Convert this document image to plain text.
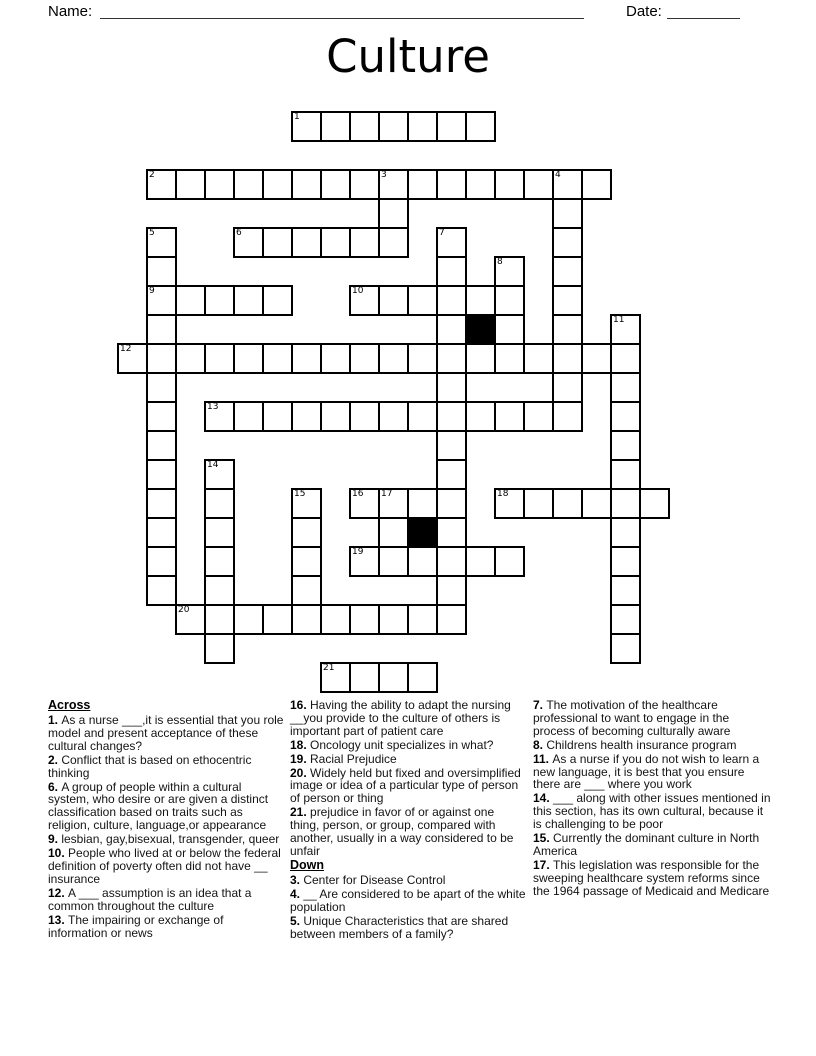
Name:	Date:
Culture
1
2	3	4
5	6	7
8
9	10
11
12
13
14
15	16 17	18
19
20
21
Across
1. As a nurse ___,it is essential that you role model and present acceptance of these cultural changes?
2. Conflict that is based on ethocentric thinking
6. A group of people within a cultural system, who desire or are given a distinct classification based on traits such as religion, culture, language,or appearance
9. lesbian, gay,bisexual, transgender, queer
10. People who lived at or below the federal definition of poverty often did not have __ insurance
12. A ___ assumption is an idea that a common throughout the culture
13. The impairing or exchange of information or news
16. Having the ability to adapt the nursing __you provide to the culture of others is important part of patient care
18. Oncology unit specializes in what?
19. Racial Prejudice
20. Widely held but fixed and oversimplified image or idea of a particular type of person of person or thing
21. prejudice in favor of or against one thing, person, or group, compared with another, usually in a way considered to be unfair
Down
3. Center for Disease Control
4. __ Are considered to be apart of the white population
5. Unique Characteristics that are shared between members of a family?
7. The motivation of the healthcare professional to want to engage in the process of becoming culturally aware
8. Childrens health insurance program
11. As a nurse if you do not wish to learn a new language, it is best that you ensure there are ___ where you work
14. ___ along with other issues mentioned in this section, has its own cultural, because it is challenging to be poor
15. Currently the dominant culture in North America
17. This legislation was responsible for the sweeping healthcare system reforms since the 1964 passage of Medicaid and Medicare
